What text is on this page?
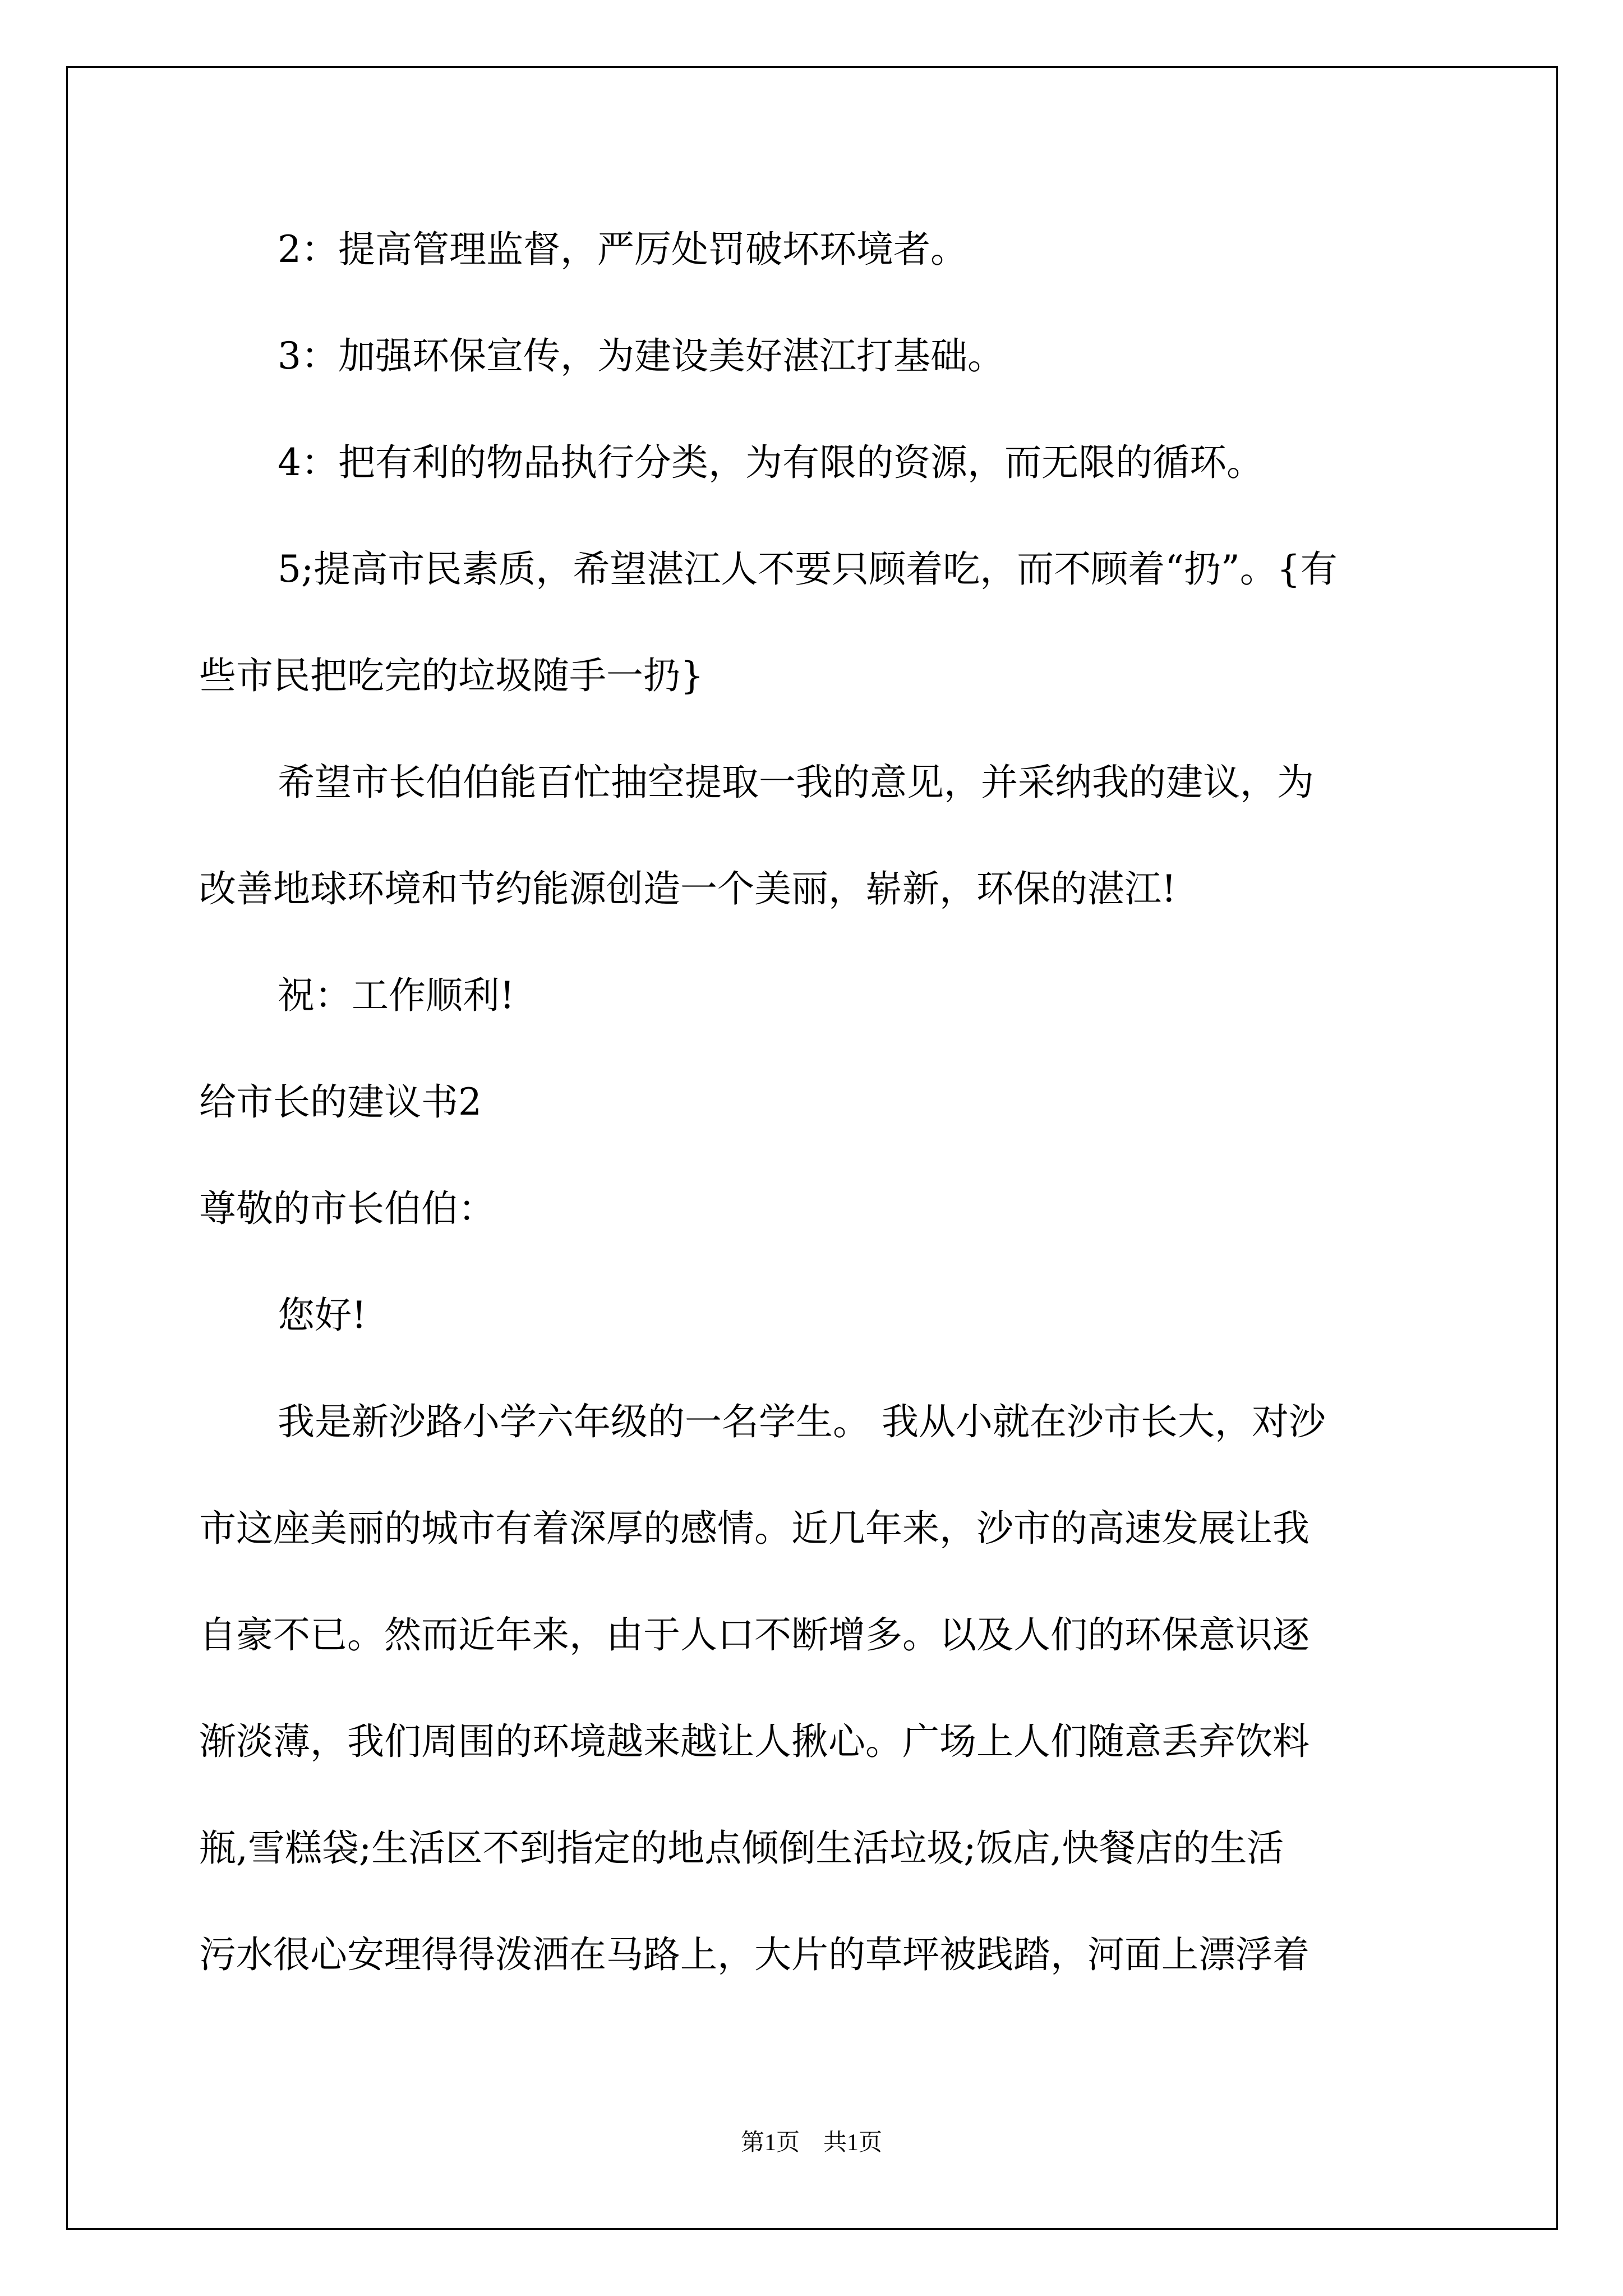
2：提高管理监督，严厉处罚破坏环境者。

3：加强环保宣传，为建设美好湛江打基础。

4：把有利的物品执行分类，为有限的资源，而无限的循环。

5;提高市民素质，希望湛江人不要只顾着吃，而不顾着“扔”。{有

些市民把吃完的垃圾随手一扔}

希望市长伯伯能百忙抽空提取一我的意见，并采纳我的建议，为

改善地球环境和节约能源创造一个美丽，崭新，环保的湛江!

祝：工作顺利!

给市长的建议书2

尊敬的市长伯伯：

您好!

我是新沙路小学六年级的一名学生。 我从小就在沙市长大，对沙

市这座美丽的城市有着深厚的感情。近几年来，沙市的高速发展让我

自豪不已。然而近年来，由于人口不断增多。以及人们的环保意识逐

渐淡薄，我们周围的环境越来越让人揪心。广场上人们随意丢弃饮料

瓶,雪糕袋;生活区不到指定的地点倾倒生活垃圾;饭店,快餐店的生活

污水很心安理得得泼洒在马路上，大片的草坪被践踏，河面上漂浮着

第1页　共1页
